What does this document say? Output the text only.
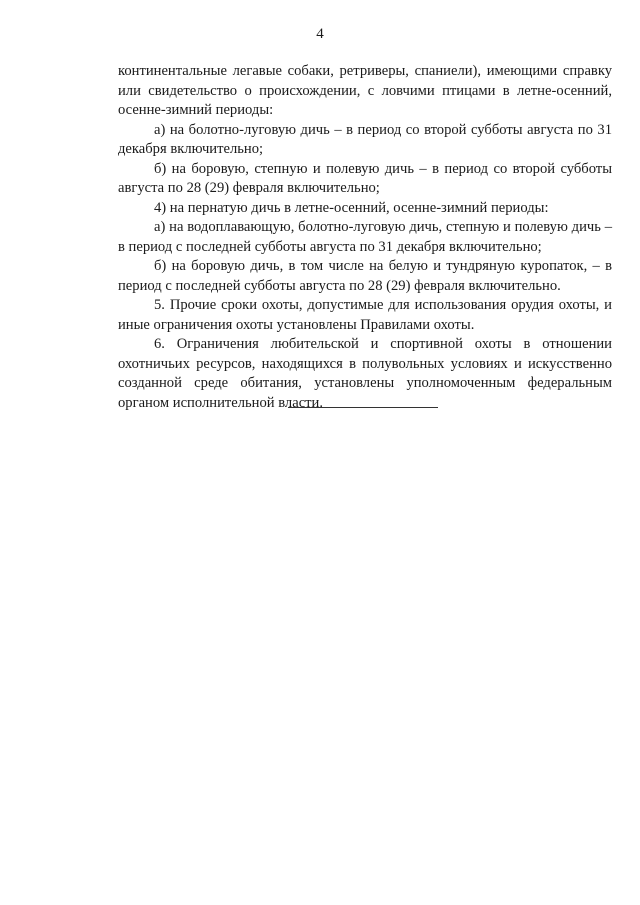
4

континентальные легавые собаки, ретриверы, спаниели), имеющими справку или свидетельство о происхождении, с ловчими птицами в летне-осенний, осенне-зимний периоды:

а) на болотно-луговую дичь – в период со второй субботы августа по 31 декабря включительно;

б) на боровую, степную и полевую дичь – в период со второй субботы августа по 28 (29) февраля включительно;

4) на пернатую дичь в летне-осенний, осенне-зимний периоды:

а) на водоплавающую, болотно-луговую дичь, степную и полевую дичь – в период с последней субботы августа по 31 декабря включительно;

б) на боровую дичь, в том числе на белую и тундряную куропаток, – в период с последней субботы августа по 28 (29) февраля включительно.

5. Прочие сроки охоты, допустимые для использования орудия охоты, и иные ограничения охоты установлены Правилами охоты.

6. Ограничения любительской и спортивной охоты в отношении охотничьих ресурсов, находящихся в полувольных условиях и искусственно созданной среде обитания, установлены уполномоченным федеральным органом исполнительной власти.
